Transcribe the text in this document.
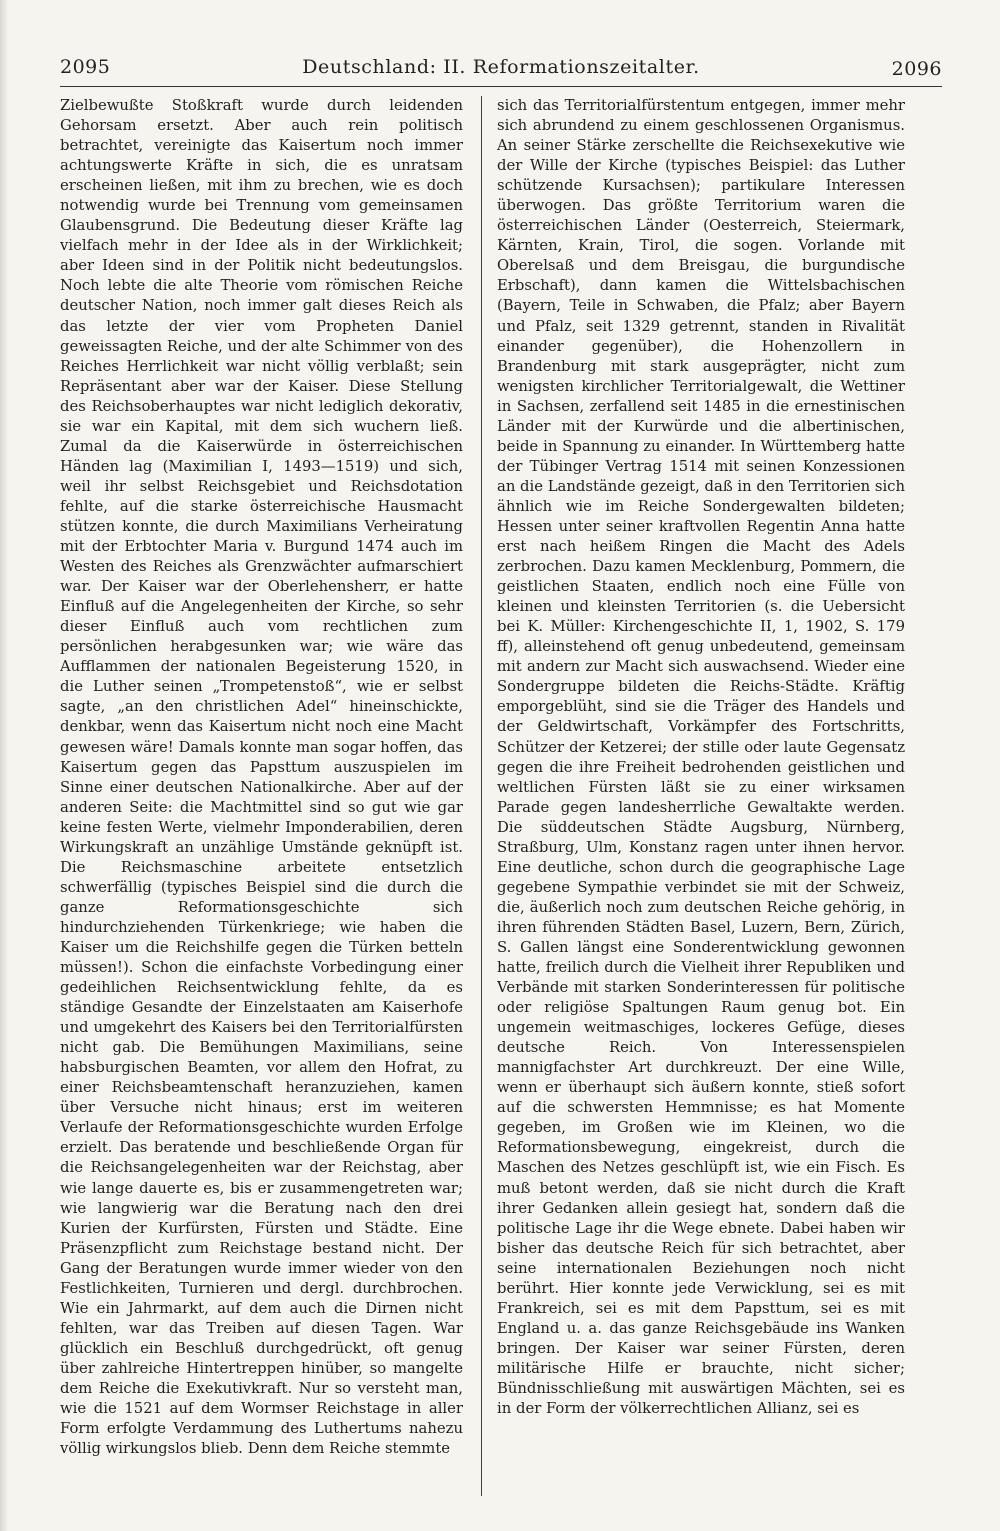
2095	Deutschland: II. Reformationszeitalter.	2096

Zielbewußte Stoßkraft wurde durch leidenden Gehorsam ersetzt. Aber auch rein politisch betrachtet, vereinigte das Kaisertum noch immer achtungswerte Kräfte in sich, die es unratsam erscheinen ließen, mit ihm zu brechen, wie es doch notwendig wurde bei Trennung vom gemeinsamen Glaubensgrund. Die Bedeutung dieser Kräfte lag vielfach mehr in der Idee als in der Wirklichkeit; aber Ideen sind in der Politik nicht bedeutungslos. Noch lebte die alte Theorie vom römischen Reiche deutscher Nation, noch immer galt dieses Reich als das letzte der vier vom Propheten Daniel geweissagten Reiche, und der alte Schimmer von des Reiches Herrlichkeit war nicht völlig verblaßt; sein Repräsentant aber war der Kaiser. Diese Stellung des Reichsoberhauptes war nicht lediglich dekorativ, sie war ein Kapital, mit dem sich wuchern ließ. Zumal da die Kaiserwürde in österreichischen Händen lag (Maximilian I, 1493—1519) und sich, weil ihr selbst Reichsgebiet und Reichsdotation fehlte, auf die starke österreichische Hausmacht stützen konnte, die durch Maximilians Verheiratung mit der Erbtochter Maria v. Burgund 1474 auch im Westen des Reiches als Grenzwächter aufmarschiert war. Der Kaiser war der Oberlehensherr, er hatte Einfluß auf die Angelegenheiten der Kirche, so sehr dieser Einfluß auch vom rechtlichen zum persönlichen herabgesunken war; wie wäre das Aufflammen der nationalen Begeisterung 1520, in die Luther seinen „Trompetenstoß“, wie er selbst sagte, „an den christlichen Adel“ hineinschickte, denkbar, wenn das Kaisertum nicht noch eine Macht gewesen wäre! Damals konnte man sogar hoffen, das Kaisertum gegen das Papsttum auszuspielen im Sinne einer deutschen Nationalkirche. Aber auf der anderen Seite: die Machtmittel sind so gut wie gar keine festen Werte, vielmehr Imponderabilien, deren Wirkungskraft an unzählige Umstände geknüpft ist. Die Reichsmaschine arbeitete entsetzlich schwerfällig (typisches Beispiel sind die durch die ganze Reformationsgeschichte sich hindurchziehenden Türkenkriege; wie haben die Kaiser um die Reichshilfe gegen die Türken betteln müssen!). Schon die einfachste Vorbedingung einer gedeihlichen Reichsentwicklung fehlte, da es ständige Gesandte der Einzelstaaten am Kaiserhofe und umgekehrt des Kaisers bei den Territorialfürsten nicht gab. Die Bemühungen Maximilians, seine habsburgischen Beamten, vor allem den Hofrat, zu einer Reichsbeamtenschaft heranzuziehen, kamen über Versuche nicht hinaus; erst im weiteren Verlaufe der Reformationsgeschichte wurden Erfolge erzielt. Das beratende und beschließende Organ für die Reichsangelegenheiten war der Reichstag, aber wie lange dauerte es, bis er zusammengetreten war; wie langwierig war die Beratung nach den drei Kurien der Kurfürsten, Fürsten und Städte. Eine Präsenzpflicht zum Reichstage bestand nicht. Der Gang der Beratungen wurde immer wieder von den Festlichkeiten, Turnieren und dergl. durchbrochen. Wie ein Jahrmarkt, auf dem auch die Dirnen nicht fehlten, war das Treiben auf diesen Tagen. War glücklich ein Beschluß durchgedrückt, oft genug über zahlreiche Hintertreppen hinüber, so mangelte dem Reiche die Exekutivkraft. Nur so versteht man, wie die 1521 auf dem Wormser Reichstage in aller Form erfolgte Verdammung des Luthertums nahezu völlig wirkungslos blieb. Denn dem Reiche stemmte

sich das Territorialfürstentum entgegen, immer mehr sich abrundend zu einem geschlossenen Organismus. An seiner Stärke zerschellte die Reichsexekutive wie der Wille der Kirche (typisches Beispiel: das Luther schützende Kursachsen); partikulare Interessen überwogen. Das größte Territorium waren die österreichischen Länder (Oesterreich, Steiermark, Kärnten, Krain, Tirol, die sogen. Vorlande mit Oberelsaß und dem Breisgau, die burgundische Erbschaft), dann kamen die Wittelsbachischen (Bayern, Teile in Schwaben, die Pfalz; aber Bayern und Pfalz, seit 1329 getrennt, standen in Rivalität einander gegenüber), die Hohenzollern in Brandenburg mit stark ausgeprägter, nicht zum wenigsten kirchlicher Territorialgewalt, die Wettiner in Sachsen, zerfallend seit 1485 in die ernestinischen Länder mit der Kurwürde und die albertinischen, beide in Spannung zu einander. In Württemberg hatte der Tübinger Vertrag 1514 mit seinen Konzessionen an die Landstände gezeigt, daß in den Territorien sich ähnlich wie im Reiche Sondergewalten bildeten; Hessen unter seiner kraftvollen Regentin Anna hatte erst nach heißem Ringen die Macht des Adels zerbrochen. Dazu kamen Mecklenburg, Pommern, die geistlichen Staaten, endlich noch eine Fülle von kleinen und kleinsten Territorien (s. die Uebersicht bei K. Müller: Kirchengeschichte II, 1, 1902, S. 179 ff), alleinstehend oft genug unbedeutend, gemeinsam mit andern zur Macht sich auswachsend. Wieder eine Sondergruppe bildeten die Reichs-Städte. Kräftig emporgeblüht, sind sie die Träger des Handels und der Geldwirtschaft, Vorkämpfer des Fortschritts, Schützer der Ketzerei; der stille oder laute Gegensatz gegen die ihre Freiheit bedrohenden geistlichen und weltlichen Fürsten läßt sie zu einer wirksamen Parade gegen landesherrliche Gewaltakte werden. Die süddeutschen Städte Augsburg, Nürnberg, Straßburg, Ulm, Konstanz ragen unter ihnen hervor. Eine deutliche, schon durch die geographische Lage gegebene Sympathie verbindet sie mit der Schweiz, die, äußerlich noch zum deutschen Reiche gehörig, in ihren führenden Städten Basel, Luzern, Bern, Zürich, S. Gallen längst eine Sonderentwicklung gewonnen hatte, freilich durch die Vielheit ihrer Republiken und Verbände mit starken Sonderinteressen für politische oder religiöse Spaltungen Raum genug bot. Ein ungemein weitmaschiges, lockeres Gefüge, dieses deutsche Reich. Von Interessenspielen mannigfachster Art durchkreuzt. Der eine Wille, wenn er überhaupt sich äußern konnte, stieß sofort auf die schwersten Hemmnisse; es hat Momente gegeben, im Großen wie im Kleinen, wo die Reformationsbewegung, eingekreist, durch die Maschen des Netzes geschlüpft ist, wie ein Fisch. Es muß betont werden, daß sie nicht durch die Kraft ihrer Gedanken allein gesiegt hat, sondern daß die politische Lage ihr die Wege ebnete. Dabei haben wir bisher das deutsche Reich für sich betrachtet, aber seine internationalen Beziehungen noch nicht berührt. Hier konnte jede Verwicklung, sei es mit Frankreich, sei es mit dem Papsttum, sei es mit England u. a. das ganze Reichsgebäude ins Wanken bringen. Der Kaiser war seiner Fürsten, deren militärische Hilfe er brauchte, nicht sicher; Bündnisschließung mit auswärtigen Mächten, sei es in der Form der völkerrechtlichen Allianz, sei es
